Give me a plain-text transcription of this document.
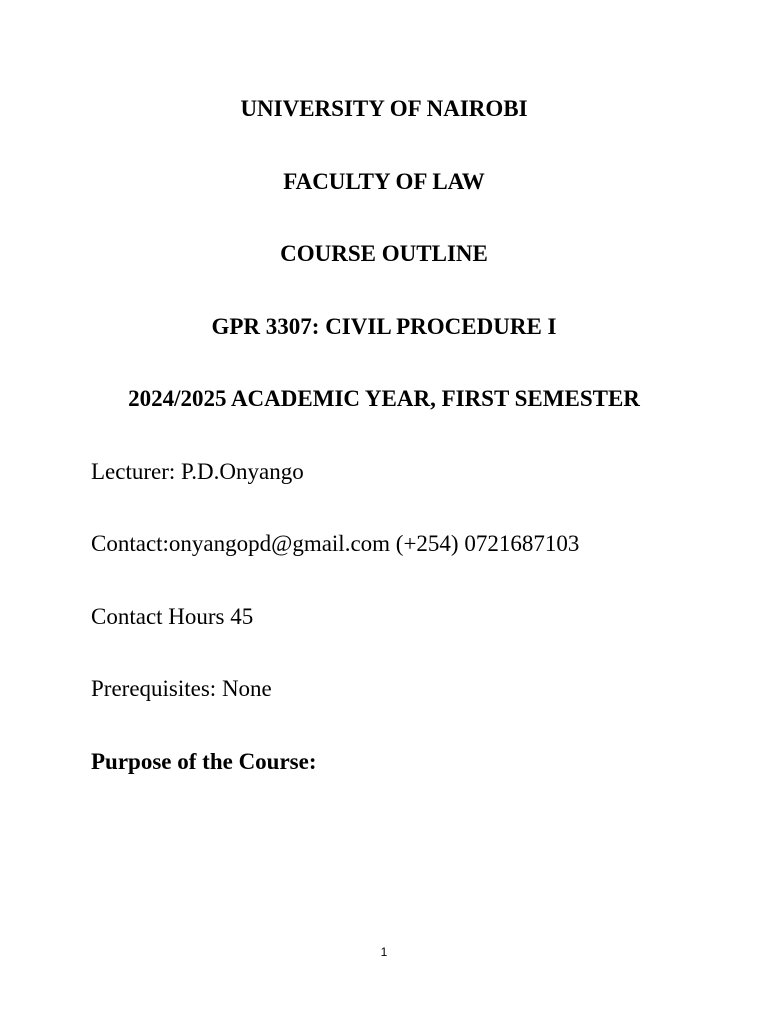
UNIVERSITY OF NAIROBI
FACULTY OF LAW
COURSE OUTLINE
GPR 3307: CIVIL PROCEDURE I
2024/2025 ACADEMIC YEAR, FIRST SEMESTER
Lecturer: P.D.Onyango
Contact:onyangopd@gmail.com (+254) 0721687103
Contact Hours 45
Prerequisites: None
Purpose of the Course:
1
